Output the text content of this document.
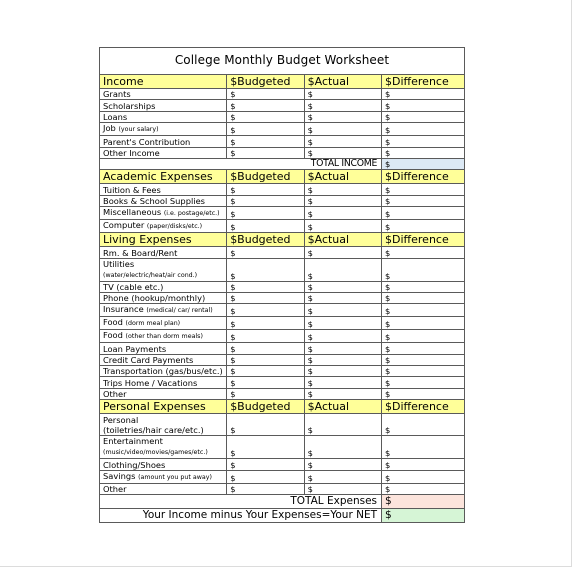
College Monthly Budget Worksheet
Income	$Budgeted	$Actual	$Difference
Grants	$	$	$
Scholarships	$	$	$
Loans	$	$	$
Job (your salary)	$	$	$
Parent's Contribution	$	$	$
Other Income	$	$	$
TOTAL INCOME			$
Academic Expenses	$Budgeted	$Actual	$Difference
Tuition & Fees	$	$	$
Books & School Supplies	$	$	$
Miscellaneous (i.e. postage/etc.)	$	$	$
Computer (paper/disks/etc.)	$	$	$
Living Expenses	$Budgeted	$Actual	$Difference
Rm. & Board/Rent	$	$	$
Utilities
(water/electric/heat/air cond.)	$	$	$
TV (cable etc.)	$	$	$
Phone (hookup/monthly)	$	$	$
Insurance (medical/ car/ rental)	$	$	$
Food (dorm meal plan)	$	$	$
Food (other than dorm meals)	$	$	$
Loan Payments	$	$	$
Credit Card Payments	$	$	$
Transportation (gas/bus/etc.)	$	$	$
Trips Home / Vacations	$	$	$
Other	$	$	$
Personal Expenses	$Budgeted	$Actual	$Difference
Personal
(toiletries/hair care/etc.)	$	$	$
Entertainment
(music/video/movies/games/etc.)	$	$	$
Clothing/Shoes	$	$	$
Savings (amount you put away)	$	$	$
Other	$	$	$
TOTAL Expenses			$
Your Income minus Your Expenses=Your NET			$
